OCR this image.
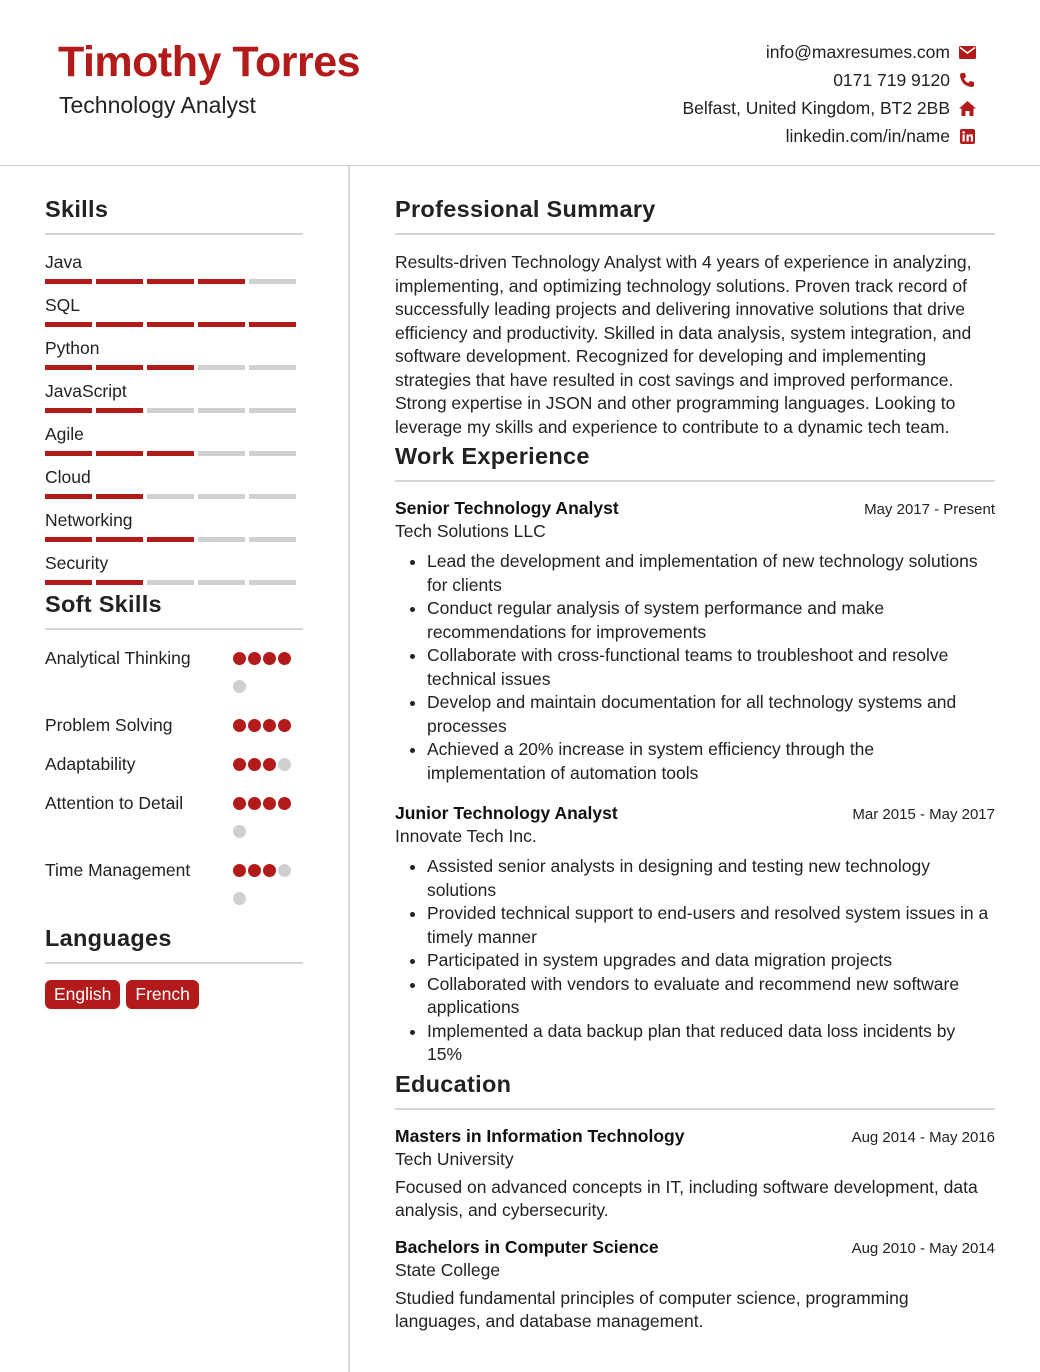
Timothy Torres
Technology Analyst
info@maxresumes.com
0171 719 9120
Belfast, United Kingdom, BT2 2BB
linkedin.com/in/name
Skills
Java
SQL
Python
JavaScript
Agile
Cloud
Networking
Security
Soft Skills
Analytical Thinking
Problem Solving
Adaptability
Attention to Detail
Time Management
Languages
English	French
Professional Summary
Results-driven Technology Analyst with 4 years of experience in analyzing, implementing, and optimizing technology solutions. Proven track record of successfully leading projects and delivering innovative solutions that drive efficiency and productivity. Skilled in data analysis, system integration, and software development. Recognized for developing and implementing strategies that have resulted in cost savings and improved performance. Strong expertise in JSON and other programming languages. Looking to leverage my skills and experience to contribute to a dynamic tech team.
Work Experience
Senior Technology Analyst	May 2017 - Present
Tech Solutions LLC
• Lead the development and implementation of new technology solutions for clients
• Conduct regular analysis of system performance and make recommendations for improvements
• Collaborate with cross-functional teams to troubleshoot and resolve technical issues
• Develop and maintain documentation for all technology systems and processes
• Achieved a 20% increase in system efficiency through the implementation of automation tools
Junior Technology Analyst	Mar 2015 - May 2017
Innovate Tech Inc.
• Assisted senior analysts in designing and testing new technology solutions
• Provided technical support to end-users and resolved system issues in a timely manner
• Participated in system upgrades and data migration projects
• Collaborated with vendors to evaluate and recommend new software applications
• Implemented a data backup plan that reduced data loss incidents by 15%
Education
Masters in Information Technology	Aug 2014 - May 2016
Tech University
Focused on advanced concepts in IT, including software development, data analysis, and cybersecurity.
Bachelors in Computer Science	Aug 2010 - May 2014
State College
Studied fundamental principles of computer science, programming languages, and database management.
